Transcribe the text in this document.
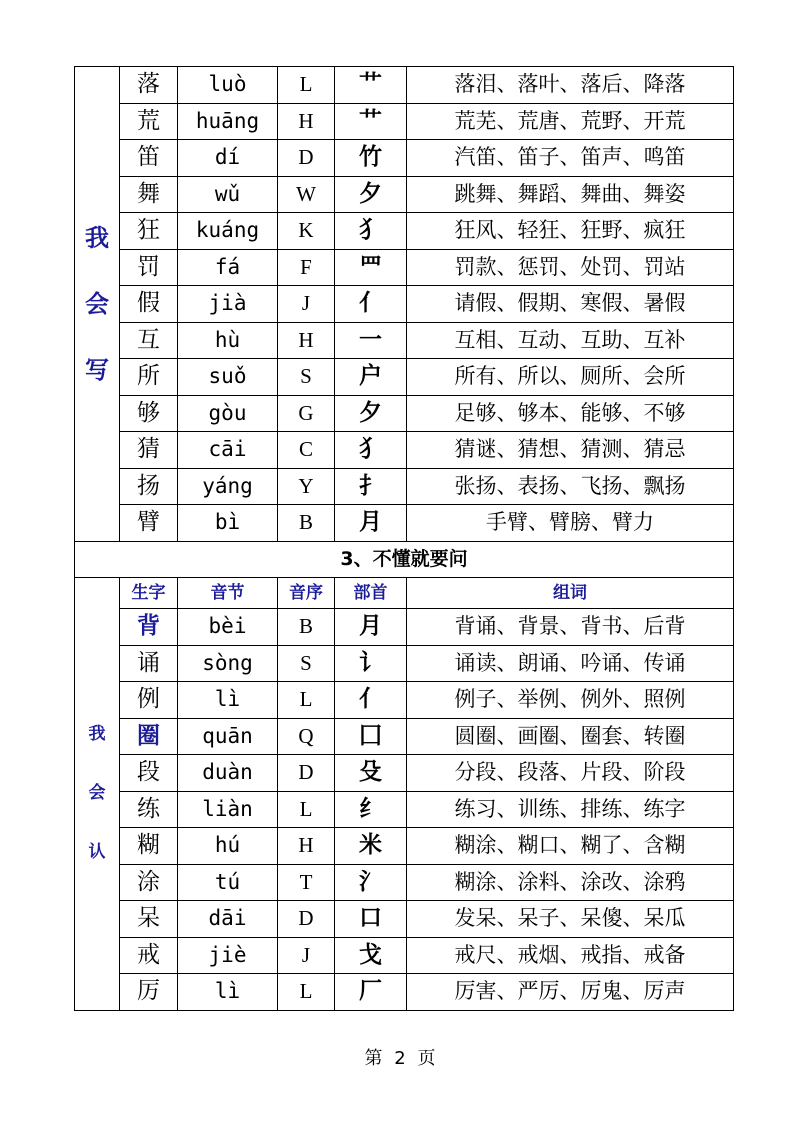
我
会
写	落	luò	L	艹	落泪、落叶、落后、降落
	荒	huāng	H	艹	荒芜、荒唐、荒野、开荒
	笛	dí	D	竹	汽笛、笛子、笛声、鸣笛
	舞	wǔ	W	夕	跳舞、舞蹈、舞曲、舞姿
	狂	kuáng	K	犭	狂风、轻狂、狂野、疯狂
	罚	fá	F	罒	罚款、惩罚、处罚、罚站
	假	jià	J	亻	请假、假期、寒假、暑假
	互	hù	H	一	互相、互动、互助、互补
	所	suǒ	S	户	所有、所以、厕所、会所
	够	gòu	G	夕	足够、够本、能够、不够
	猜	cāi	C	犭	猜谜、猜想、猜测、猜忌
	扬	yáng	Y	扌	张扬、表扬、飞扬、飘扬
	臂	bì	B	月	手臂、臂膀、臂力
3、不懂就要问					

我
会
认	生字	音节	音序	部首	组词
	背	bèi	B	月	背诵、背景、背书、后背
	诵	sòng	S	讠	诵读、朗诵、吟诵、传诵
	例	lì	L	亻	例子、举例、例外、照例
	圈	quān	Q	囗	圆圈、画圈、圈套、转圈
	段	duàn	D	殳	分段、段落、片段、阶段
	练	liàn	L	纟	练习、训练、排练、练字
	糊	hú	H	米	糊涂、糊口、糊了、含糊
	涂	tú	T	氵	糊涂、涂料、涂改、涂鸦
	呆	dāi	D	口	发呆、呆子、呆傻、呆瓜
	戒	jiè	J	戈	戒尺、戒烟、戒指、戒备
	厉	lì	L	厂	厉害、严厉、厉鬼、厉声
第 2 页
